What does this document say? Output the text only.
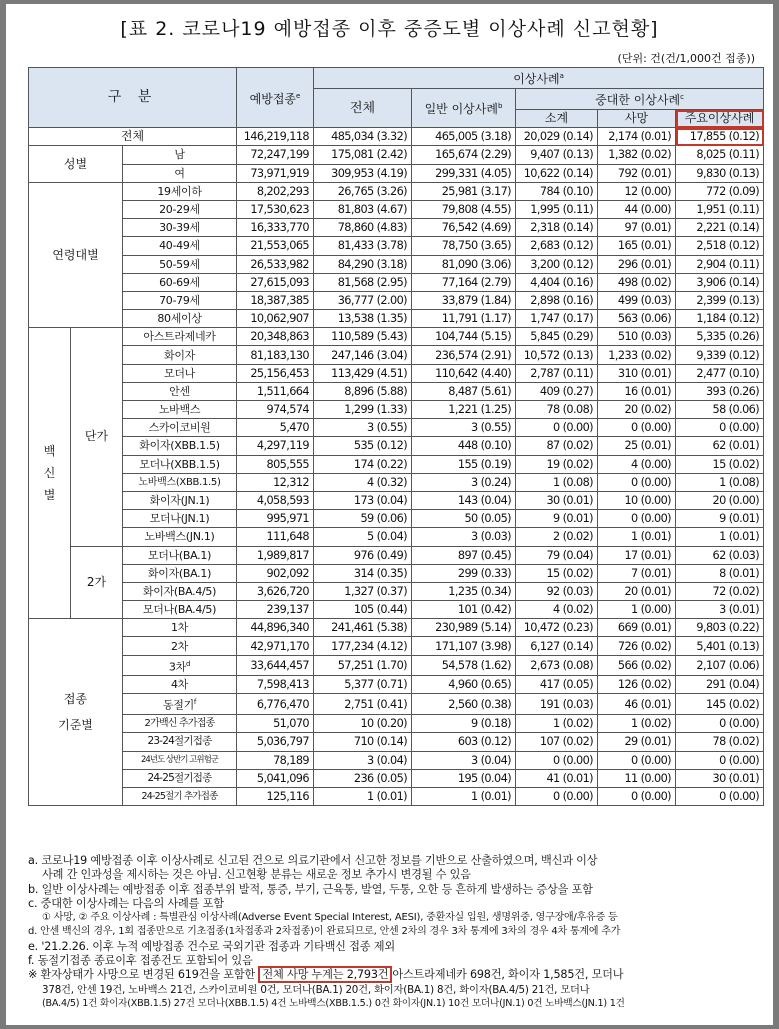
[표 2. 코로나19 예방접종 이후 중증도별 이상사례 신고현황]
(단위: 건(건/1,000건 접종))
구 분			예방접종$^e$	이상사례$^a$
				전체	일반 이상사례$^b$	중대한 이상사례$^c$
						소계	사망	주요이상사례
전체			146,219,118	485,034 (3.32)	465,005 (3.18)	20,029 (0.14)	2,174 (0.01)	17,855 (0.12)
성별		남	72,247,199	175,081 (2.42)	165,674 (2.29)	9,407 (0.13)	1,382 (0.02)	8,025 (0.11)
		여	73,971,919	309,953 (4.19)	299,331 (4.05)	10,622 (0.14)	792 (0.01)	9,830 (0.13)
연령대별		19세이하	8,202,293	26,765 (3.26)	25,981 (3.17)	784 (0.10)	12 (0.00)	772 (0.09)
		20-29세	17,530,623	81,803 (4.67)	79,808 (4.55)	1,995 (0.11)	44 (0.00)	1,951 (0.11)
		30-39세	16,333,770	78,860 (4.83)	76,542 (4.69)	2,318 (0.14)	97 (0.01)	2,221 (0.14)
		40-49세	21,553,065	81,433 (3.78)	78,750 (3.65)	2,683 (0.12)	165 (0.01)	2,518 (0.12)
		50-59세	26,533,982	84,290 (3.18)	81,090 (3.06)	3,200 (0.12)	296 (0.01)	2,904 (0.11)
		60-69세	27,615,093	81,568 (2.95)	77,164 (2.79)	4,404 (0.16)	498 (0.02)	3,906 (0.14)
		70-79세	18,387,385	36,777 (2.00)	33,879 (1.84)	2,898 (0.16)	499 (0.03)	2,399 (0.13)
		80세이상	10,062,907	13,538 (1.35)	11,791 (1.17)	1,747 (0.17)	563 (0.06)	1,184 (0.12)
백
신
별	단가	아스트라제네카	20,348,863	110,589 (5.43)	104,744 (5.15)	5,845 (0.29)	510 (0.03)	5,335 (0.26)
		화이자	81,183,130	247,146 (3.04)	236,574 (2.91)	10,572 (0.13)	1,233 (0.02)	9,339 (0.12)
		모더나	25,156,453	113,429 (4.51)	110,642 (4.40)	2,787 (0.11)	310 (0.01)	2,477 (0.10)
		안센	1,511,664	8,896 (5.88)	8,487 (5.61)	409 (0.27)	16 (0.01)	393 (0.26)
		노바백스	974,574	1,299 (1.33)	1,221 (1.25)	78 (0.08)	20 (0.02)	58 (0.06)
		스카이코비원	5,470	3 (0.55)	3 (0.55)	0 (0.00)	0 (0.00)	0 (0.00)
		화이자(XBB.1.5)	4,297,119	535 (0.12)	448 (0.10)	87 (0.02)	25 (0.01)	62 (0.01)
		모더나(XBB.1.5)	805,555	174 (0.22)	155 (0.19)	19 (0.02)	4 (0.00)	15 (0.02)
		노바백스(XBB.1.5)	12,312	4 (0.32)	3 (0.24)	1 (0.08)	0 (0.00)	1 (0.08)
		화이자(JN.1)	4,058,593	173 (0.04)	143 (0.04)	30 (0.01)	10 (0.00)	20 (0.00)
		모더나(JN.1)	995,971	59 (0.06)	50 (0.05)	9 (0.01)	0 (0.00)	9 (0.01)
		노바백스(JN.1)	111,648	5 (0.04)	3 (0.03)	2 (0.02)	1 (0.01)	1 (0.01)
	2가	모더나(BA.1)	1,989,817	976 (0.49)	897 (0.45)	79 (0.04)	17 (0.01)	62 (0.03)
		화이자(BA.1)	902,092	314 (0.35)	299 (0.33)	15 (0.02)	7 (0.01)	8 (0.01)
		화이자(BA.4/5)	3,626,720	1,327 (0.37)	1,235 (0.34)	92 (0.03)	20 (0.01)	72 (0.02)
		모더나(BA.4/5)	239,137	105 (0.44)	101 (0.42)	4 (0.02)	1 (0.00)	3 (0.01)
접종
기준별		1차	44,896,340	241,461 (5.38)	230,989 (5.14)	10,472 (0.23)	669 (0.01)	9,803 (0.22)
		2차	42,971,170	177,234 (4.12)	171,107 (3.98)	6,127 (0.14)	726 (0.02)	5,401 (0.13)
		3차$^d$	33,644,457	57,251 (1.70)	54,578 (1.62)	2,673 (0.08)	566 (0.02)	2,107 (0.06)
		4차	7,598,413	5,377 (0.71)	4,960 (0.65)	417 (0.05)	126 (0.02)	291 (0.04)
		동절기$^f$	6,776,470	2,751 (0.41)	2,560 (0.38)	191 (0.03)	46 (0.01)	145 (0.02)
		2가백신 추가접종	51,070	10 (0.20)	9 (0.18)	1 (0.02)	1 (0.02)	0 (0.00)
		23-24절기접종	5,036,797	710 (0.14)	603 (0.12)	107 (0.02)	29 (0.01)	78 (0.02)
		24년도 상반기 고위험군	78,189	3 (0.04)	3 (0.04)	0 (0.00)	0 (0.00)	0 (0.00)
		24-25절기접종	5,041,096	236 (0.05)	195 (0.04)	41 (0.01)	11 (0.00)	30 (0.01)
		24-25절기 추가접종	125,116	1 (0.01)	1 (0.01)	0 (0.00)	0 (0.00)	0 (0.00)
a. 코로나19 예방접종 이후 이상사례로 신고된 건으로 의료기관에서 신고한 정보를 기반으로 산출하였으며, 백신과 이상
사례 간 인과성을 제시하는 것은 아님. 신고현황 분류는 새로운 정보 추가시 변경될 수 있음
b. 일반 이상사례는 예방접종 이후 접종부위 발적, 통증, 부기, 근육통, 발열, 두통, 오한 등 흔하게 발생하는 증상을 포함
c. 중대한 이상사례는 다음의 사례를 포함
① 사망, ② 주요 이상사례 : 특별관심 이상사례(Adverse Event Special Interest, AESI), 중환자실 입원, 생명위중, 영구장애/후유증 등
d. 안센 백신의 경우, 1회 접종만으로 기초접종(1차접종과 2차접종)이 완료되므로, 안센 2차의 경우 3차 통계에 3차의 경우 4차 통계에 추가
e. '21.2.26. 이후 누적 예방접종 건수로 국외기관 접종과 기타백신 접종 제외
f. 동절기접종 종료이후 접종건도 포함되어 있음
※ 환자상태가 사망으로 변경된 619건을 포함한 전체 사망 누계는 2,793건 아스트라제네카 698건, 화이자 1,585건, 모더나
378건, 안센 19건, 노바백스 21건, 스카이코비원 0건, 모더나(BA.1) 20건, 화이자(BA.1) 8건, 화이자(BA.4/5) 21건, 모더나
(BA.4/5) 1건 화이자(XBB.1.5) 27건 모더나(XBB.1.5) 4건 노바백스(XBB.1.5.) 0건 화이자(JN.1) 10건 모더나(JN.1) 0건 노바백스(JN.1) 1건
